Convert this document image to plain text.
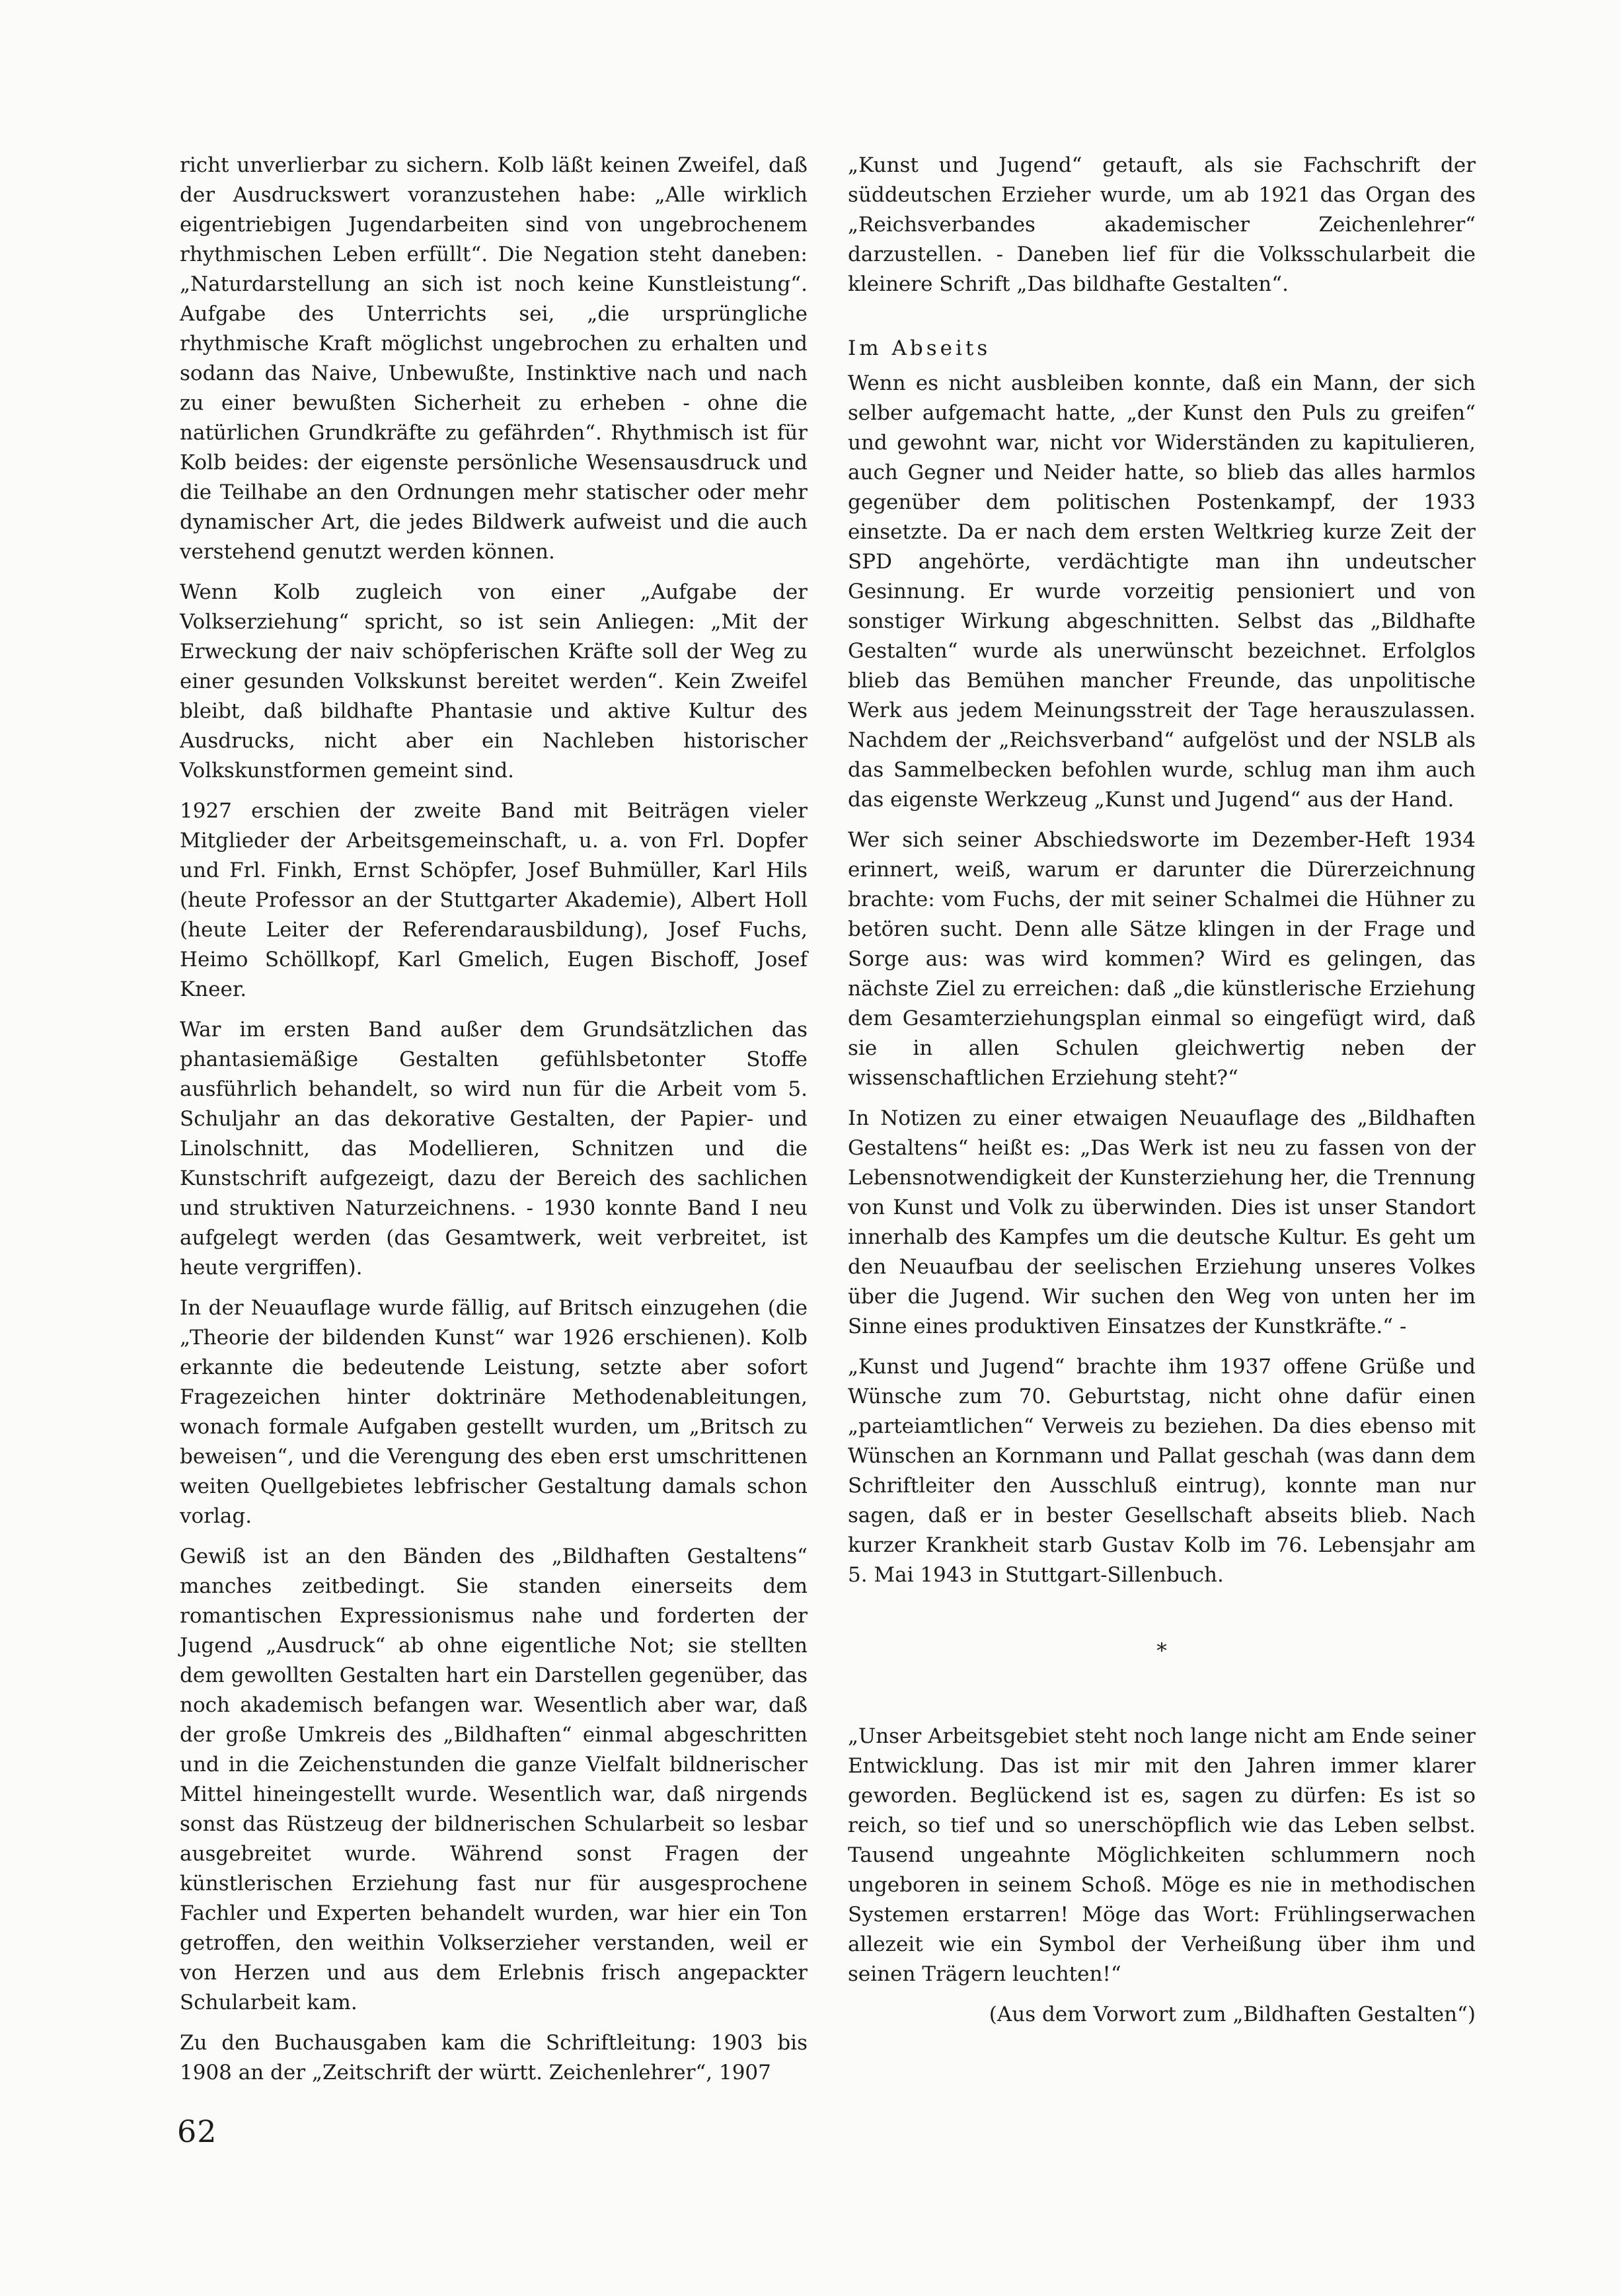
richt unverlierbar zu sichern. Kolb läßt keinen Zweifel, daß der Ausdruckswert voranzustehen habe: „Alle wirklich eigentriebigen Jugendarbeiten sind von ungebrochenem rhythmischen Leben erfüllt“. Die Negation steht daneben: „Naturdarstellung an sich ist noch keine Kunstleistung“. Aufgabe des Unterrichts sei, „die ursprüngliche rhythmische Kraft möglichst ungebrochen zu erhalten und sodann das Naive, Unbewußte, Instinktive nach und nach zu einer bewußten Sicherheit zu erheben - ohne die natürlichen Grundkräfte zu gefährden“. Rhythmisch ist für Kolb beides: der eigenste persönliche Wesensausdruck und die Teilhabe an den Ordnungen mehr statischer oder mehr dynamischer Art, die jedes Bildwerk aufweist und die auch verstehend genutzt werden können.

Wenn Kolb zugleich von einer „Aufgabe der Volkserziehung“ spricht, so ist sein Anliegen: „Mit der Erweckung der naiv schöpferischen Kräfte soll der Weg zu einer gesunden Volkskunst bereitet werden“. Kein Zweifel bleibt, daß bildhafte Phantasie und aktive Kultur des Ausdrucks, nicht aber ein Nachleben historischer Volkskunstformen gemeint sind.

1927 erschien der zweite Band mit Beiträgen vieler Mitglieder der Arbeitsgemeinschaft, u. a. von Frl. Dopfer und Frl. Finkh, Ernst Schöpfer, Josef Buhmüller, Karl Hils (heute Professor an der Stuttgarter Akademie), Albert Holl (heute Leiter der Referendarausbildung), Josef Fuchs, Heimo Schöllkopf, Karl Gmelich, Eugen Bischoff, Josef Kneer.

War im ersten Band außer dem Grundsätzlichen das phantasiemäßige Gestalten gefühlsbetonter Stoffe ausführlich behandelt, so wird nun für die Arbeit vom 5. Schuljahr an das dekorative Gestalten, der Papier- und Linolschnitt, das Modellieren, Schnitzen und die Kunstschrift aufgezeigt, dazu der Bereich des sachlichen und struktiven Naturzeichnens. - 1930 konnte Band I neu aufgelegt werden (das Gesamtwerk, weit verbreitet, ist heute vergriffen).

In der Neuauflage wurde fällig, auf Britsch einzugehen (die „Theorie der bildenden Kunst“ war 1926 erschienen). Kolb erkannte die bedeutende Leistung, setzte aber sofort Fragezeichen hinter doktrinäre Methodenableitungen, wonach formale Aufgaben gestellt wurden, um „Britsch zu beweisen“, und die Verengung des eben erst umschrittenen weiten Quellgebietes lebfrischer Gestaltung damals schon vorlag.

Gewiß ist an den Bänden des „Bildhaften Gestaltens“ manches zeitbedingt. Sie standen einerseits dem romantischen Expressionismus nahe und forderten der Jugend „Ausdruck“ ab ohne eigentliche Not; sie stellten dem gewollten Gestalten hart ein Darstellen gegenüber, das noch akademisch befangen war. Wesentlich aber war, daß der große Umkreis des „Bildhaften“ einmal abgeschritten und in die Zeichenstunden die ganze Vielfalt bildnerischer Mittel hineingestellt wurde. Wesentlich war, daß nirgends sonst das Rüstzeug der bildnerischen Schularbeit so lesbar ausgebreitet wurde. Während sonst Fragen der künstlerischen Erziehung fast nur für ausgesprochene Fachler und Experten behandelt wurden, war hier ein Ton getroffen, den weithin Volkserzieher verstanden, weil er von Herzen und aus dem Erlebnis frisch angepackter Schularbeit kam.

Zu den Buchausgaben kam die Schriftleitung: 1903 bis 1908 an der „Zeitschrift der württ. Zeichenlehrer“, 1907

„Kunst und Jugend“ getauft, als sie Fachschrift der süddeutschen Erzieher wurde, um ab 1921 das Organ des „Reichsverbandes akademischer Zeichenlehrer“ darzustellen. - Daneben lief für die Volksschularbeit die kleinere Schrift „Das bildhafte Gestalten“.

Im Abseits

Wenn es nicht ausbleiben konnte, daß ein Mann, der sich selber aufgemacht hatte, „der Kunst den Puls zu greifen“ und gewohnt war, nicht vor Widerständen zu kapitulieren, auch Gegner und Neider hatte, so blieb das alles harmlos gegenüber dem politischen Postenkampf, der 1933 einsetzte. Da er nach dem ersten Weltkrieg kurze Zeit der SPD angehörte, verdächtigte man ihn undeutscher Gesinnung. Er wurde vorzeitig pensioniert und von sonstiger Wirkung abgeschnitten. Selbst das „Bildhafte Gestalten“ wurde als unerwünscht bezeichnet. Erfolglos blieb das Bemühen mancher Freunde, das unpolitische Werk aus jedem Meinungsstreit der Tage herauszulassen. Nachdem der „Reichsverband“ aufgelöst und der NSLB als das Sammelbecken befohlen wurde, schlug man ihm auch das eigenste Werkzeug „Kunst und Jugend“ aus der Hand.

Wer sich seiner Abschiedsworte im Dezember-Heft 1934 erinnert, weiß, warum er darunter die Dürerzeichnung brachte: vom Fuchs, der mit seiner Schalmei die Hühner zu betören sucht. Denn alle Sätze klingen in der Frage und Sorge aus: was wird kommen? Wird es gelingen, das nächste Ziel zu erreichen: daß „die künstlerische Erziehung dem Gesamterziehungsplan einmal so eingefügt wird, daß sie in allen Schulen gleichwertig neben der wissenschaftlichen Erziehung steht?“

In Notizen zu einer etwaigen Neuauflage des „Bildhaften Gestaltens“ heißt es: „Das Werk ist neu zu fassen von der Lebensnotwendigkeit der Kunsterziehung her, die Trennung von Kunst und Volk zu überwinden. Dies ist unser Standort innerhalb des Kampfes um die deutsche Kultur. Es geht um den Neuaufbau der seelischen Erziehung unseres Volkes über die Jugend. Wir suchen den Weg von unten her im Sinne eines produktiven Einsatzes der Kunstkräfte.“ -

„Kunst und Jugend“ brachte ihm 1937 offene Grüße und Wünsche zum 70. Geburtstag, nicht ohne dafür einen „parteiamtlichen“ Verweis zu beziehen. Da dies ebenso mit Wünschen an Kornmann und Pallat geschah (was dann dem Schriftleiter den Ausschluß eintrug), konnte man nur sagen, daß er in bester Gesellschaft abseits blieb. Nach kurzer Krankheit starb Gustav Kolb im 76. Lebensjahr am 5. Mai 1943 in Stuttgart-Sillenbuch.

*

„Unser Arbeitsgebiet steht noch lange nicht am Ende seiner Entwicklung. Das ist mir mit den Jahren immer klarer geworden. Beglückend ist es, sagen zu dürfen: Es ist so reich, so tief und so unerschöpflich wie das Leben selbst. Tausend ungeahnte Möglichkeiten schlummern noch ungeboren in seinem Schoß. Möge es nie in methodischen Systemen erstarren! Möge das Wort: Frühlingserwachen allezeit wie ein Symbol der Verheißung über ihm und seinen Trägern leuchten!“

(Aus dem Vorwort zum „Bildhaften Gestalten“)

62
